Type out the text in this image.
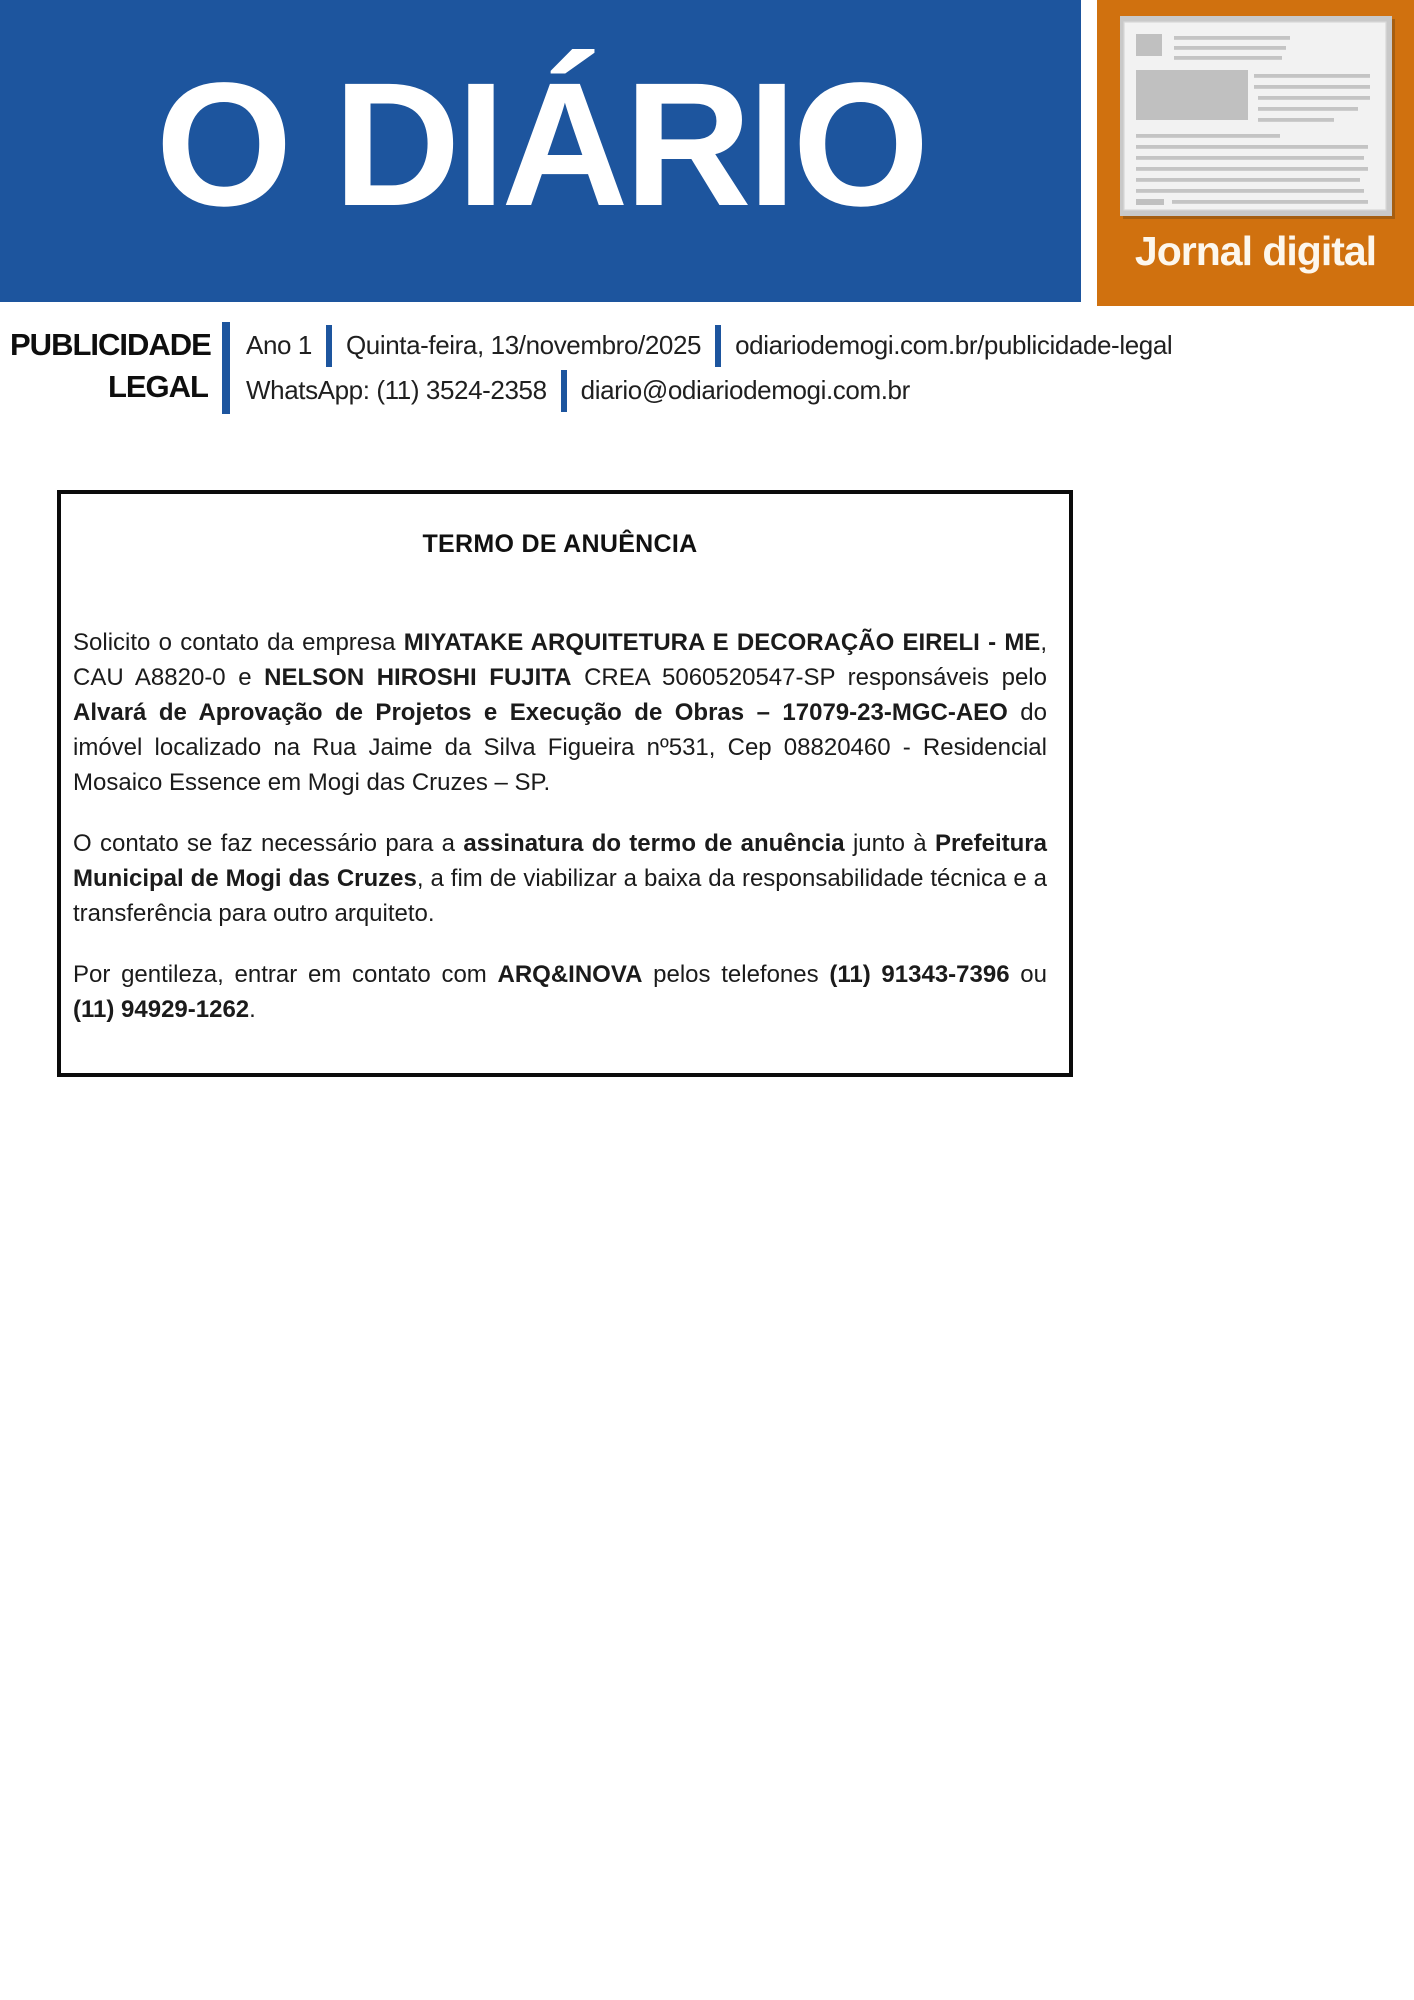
O DIÁRIO
Jornal digital
PUBLICIDADE
LEGAL
Ano 1 Quinta-feira, 13/novembro/2025 odiariodemogi.com.br/publicidade-legal
WhatsApp: (11) 3524-2358 diario@odiariodemogi.com.br
TERMO DE ANUÊNCIA

Solicito o contato da empresa MIYATAKE ARQUITETURA E DECORAÇÃO EIRELI - ME, CAU A8820-0 e NELSON HIROSHI FUJITA CREA 5060520547-SP responsáveis pelo Alvará de Aprovação de Projetos e Execução de Obras – 17079-23-MGC-AEO do imóvel localizado na Rua Jaime da Silva Figueira nº531, Cep 08820460 - Residencial Mosaico Essence em Mogi das Cruzes – SP.

O contato se faz necessário para a assinatura do termo de anuência junto à Prefeitura Municipal de Mogi das Cruzes, a fim de viabilizar a baixa da responsabilidade técnica e a transferência para outro arquiteto.

Por gentileza, entrar em contato com ARQ&INOVA pelos telefones (11) 91343-7396 ou (11) 94929-1262.
